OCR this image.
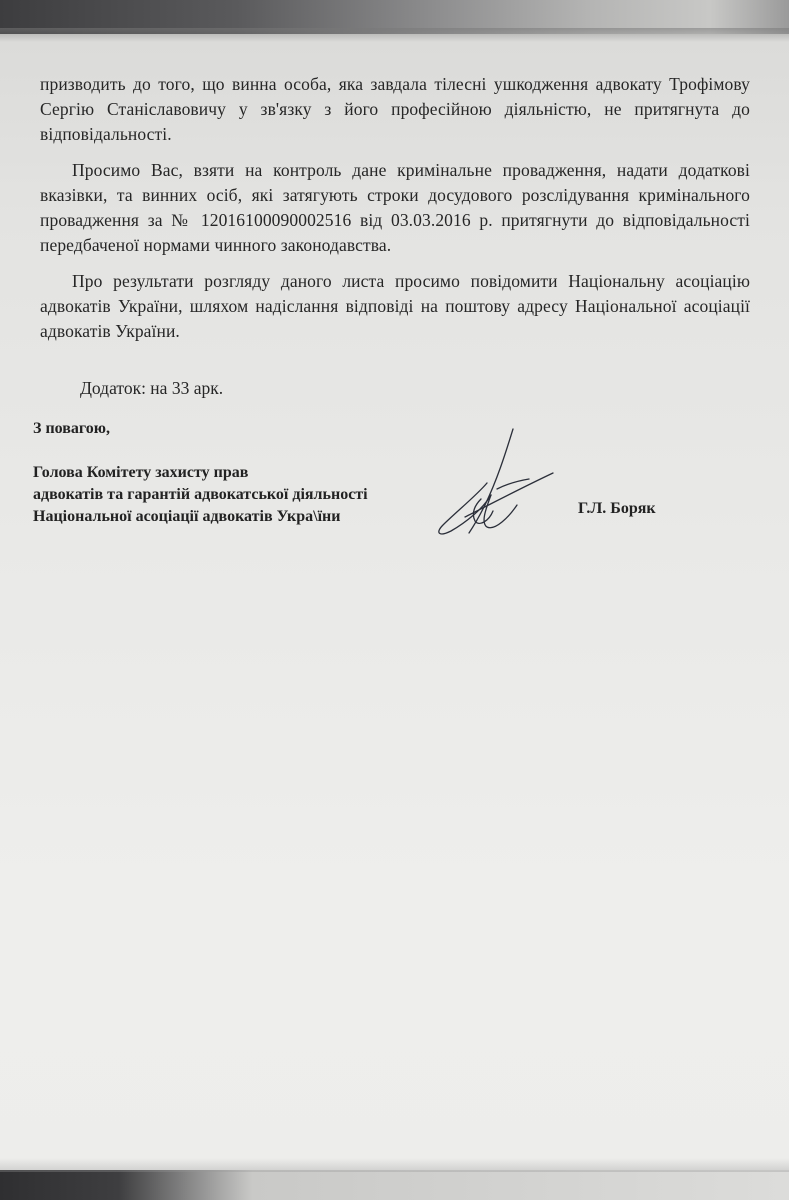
призводить до того, що винна особа, яка завдала тілесні ушкодження адвокату Трофімову Сергію Станіславовичу у зв'язку з його професійною діяльністю, не притягнута до відповідальності.

Просимо Вас, взяти на контроль дане кримінальне провадження, надати додаткові вказівки, та винних осіб, які затягують строки досудового розслідування кримінального провадження за № 12016100090002516 від 03.03.2016 р. притягнути до відповідальності передбаченої нормами чинного законодавства.

Про результати розгляду даного листа просимо повідомити Національну асоціацію адвокатів України, шляхом надіслання відповіді на поштову адресу Національної асоціації адвокатів України.

Додаток: на 33 арк.
З повагою,
Голова Комітету захисту прав
адвокатів та гарантій адвокатської діяльності
Національної асоціації адвокатів Укра\їни	Г.Л. Боряк
